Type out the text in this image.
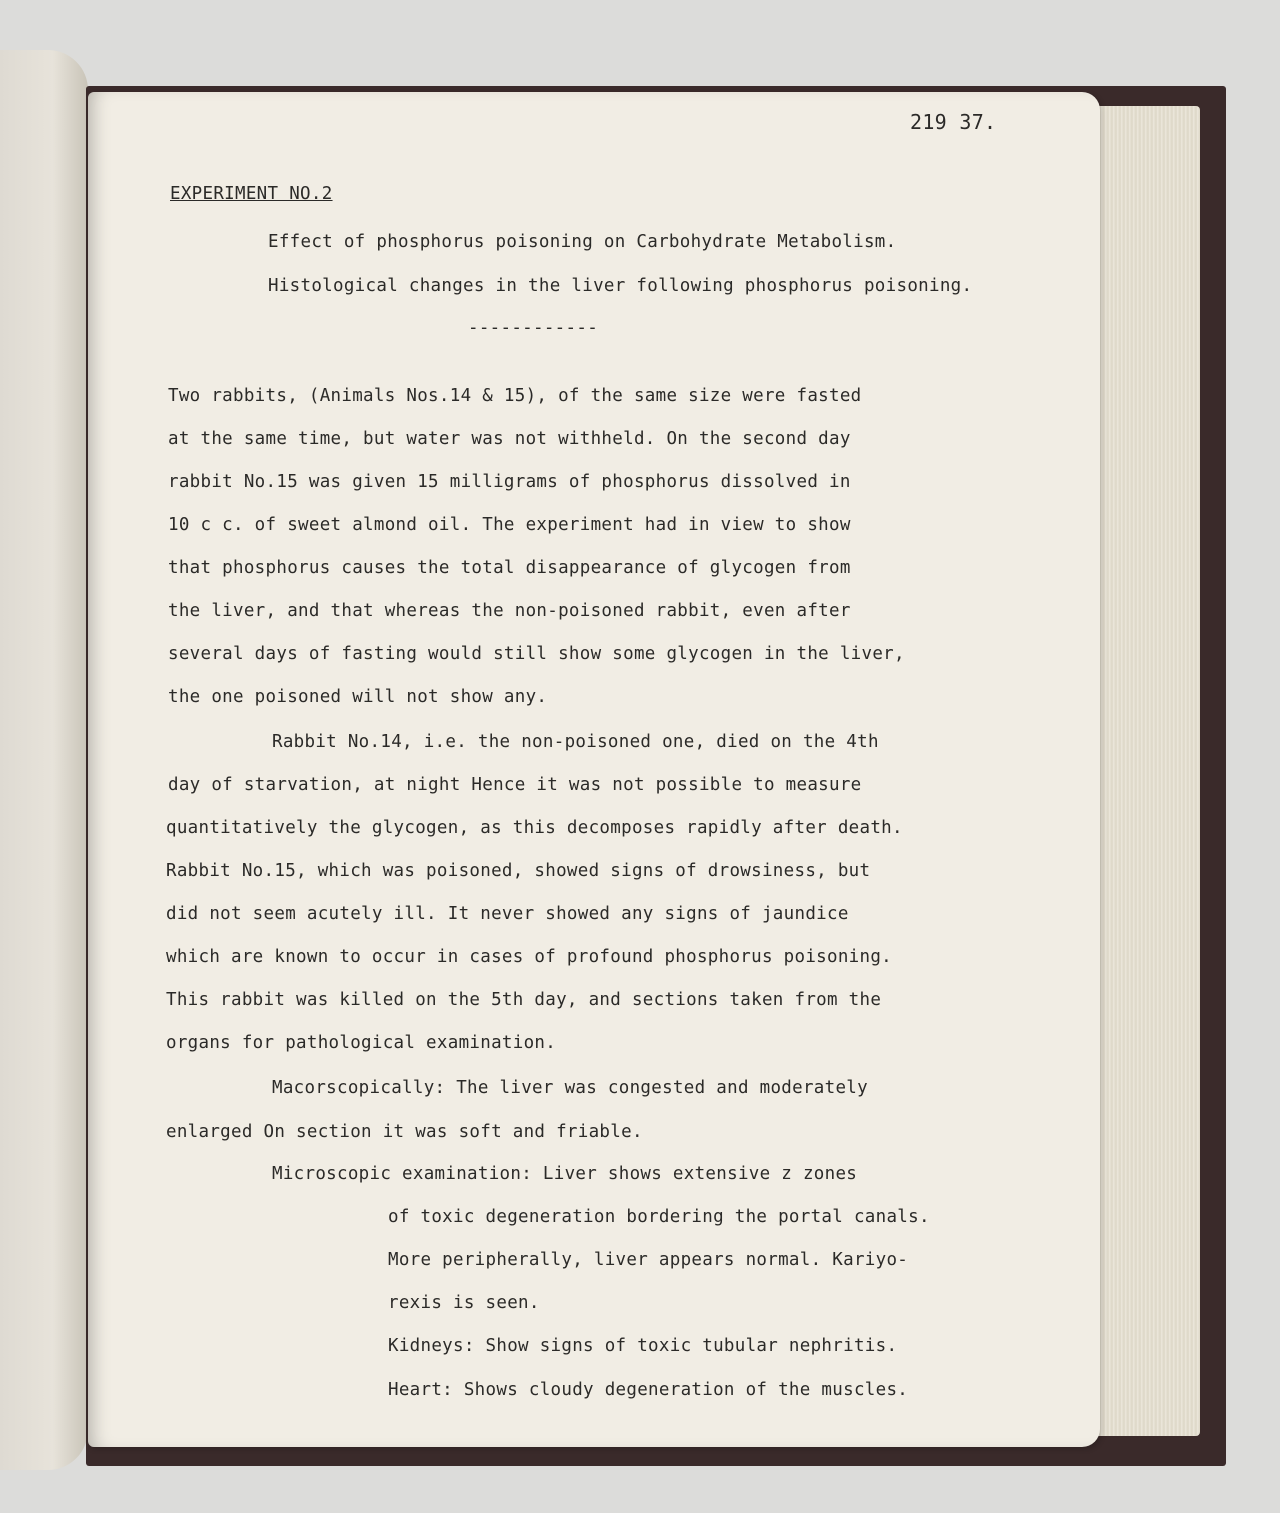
219 37.
EXPERIMENT NO.2
Effect of phosphorus poisoning on Carbohydrate Metabolism.
Histological changes in the liver following phosphorus poisoning.
------------
Two rabbits, (Animals Nos.14 & 15), of the same size were fasted
at the same time, but water was not withheld. On the second day
rabbit No.15 was given 15 milligrams of phosphorus dissolved in
10 c c. of sweet almond oil. The experiment had in view to show
that phosphorus causes the total disappearance of glycogen from
the liver, and that whereas the non-poisoned rabbit, even after
several days of fasting would still show some glycogen in the liver,
the one poisoned will not show any.
Rabbit No.14, i.e. the non-poisoned one, died on the 4th
day of starvation, at night Hence it was not possible to measure
quantitatively the glycogen, as this decomposes rapidly after death.
Rabbit No.15, which was poisoned, showed signs of drowsiness, but
did not seem acutely ill. It never showed any signs of jaundice
which are known to occur in cases of profound phosphorus poisoning.
This rabbit was killed on the 5th day, and sections taken from the
organs for pathological examination.
Macorscopically: The liver was congested and moderately
enlarged On section it was soft and friable.
Microscopic examination: Liver shows extensive z zones
of toxic degeneration bordering the portal canals.
More peripherally, liver appears normal. Kariyo-
rexis is seen.
Kidneys: Show signs of toxic tubular nephritis.
Heart: Shows cloudy degeneration of the muscles.
